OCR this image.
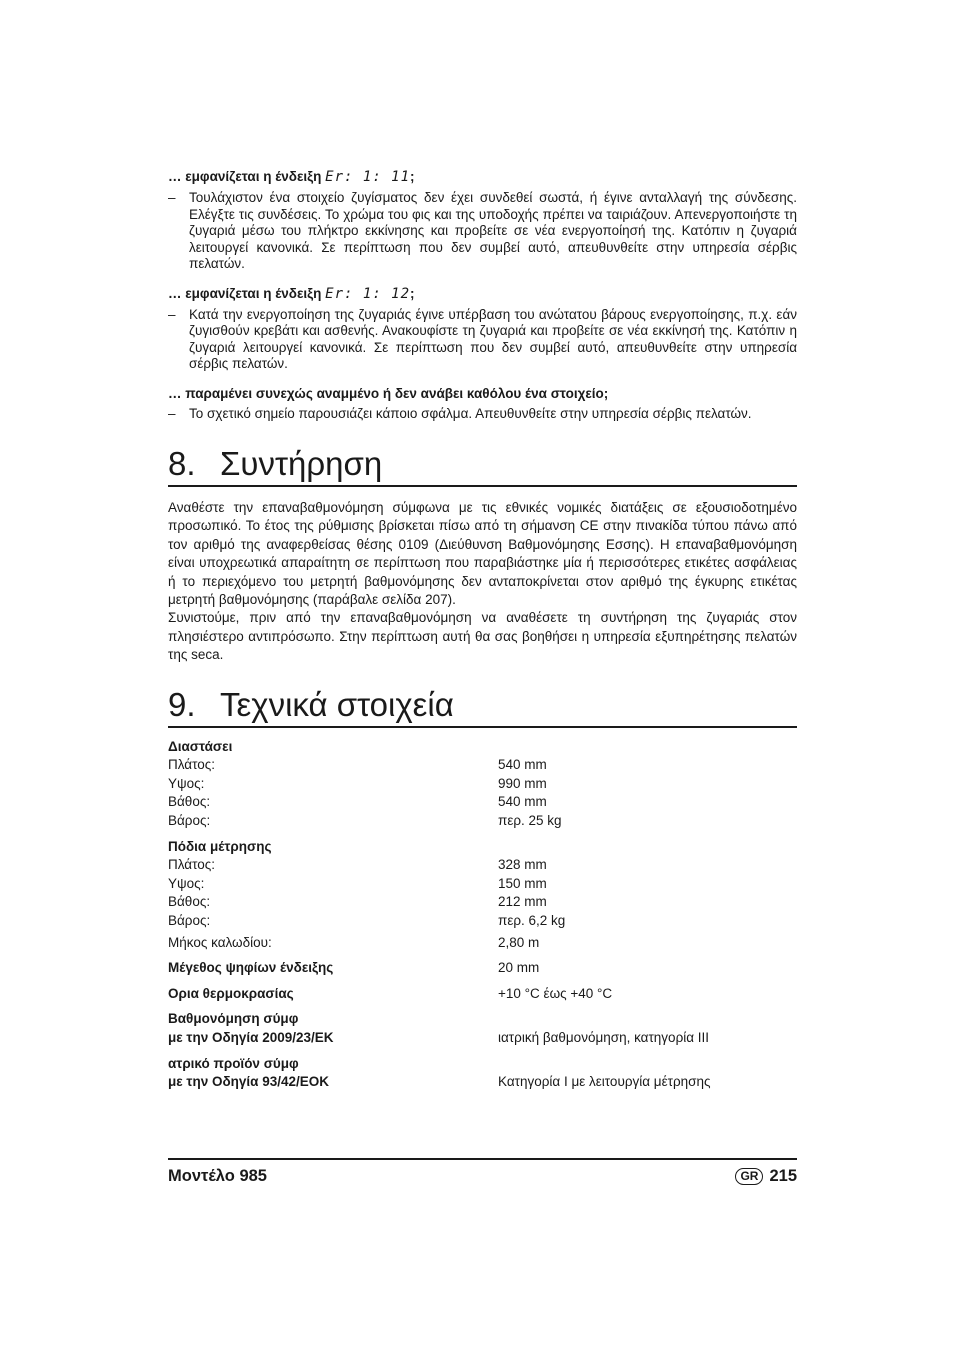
… εμφανίζεται η ένδειξη Er: 1: 11;

– Τουλάχιστον ένα στοιχείο ζυγίσματος δεν έχει συνδεθεί σωστά, ή έγινε ανταλλαγή της σύνδεσης. Ελέγξτε τις συνδέσεις. Το χρώμα του φις και της υποδοχής πρέπει να ταιριάζουν. Απενεργοποιήστε τη ζυγαριά μέσω του πλήκτρο εκκίνησης και προβείτε σε νέα ενεργοποίησή της. Κατόπιν η ζυγαριά λειτουργεί κανονικά. Σε περίπτωση που δεν συμβεί αυτό, απευθυνθείτε στην υπηρεσία σέρβις πελατών.

… εμφανίζεται η ένδειξη Er: 1: 12;

– Κατά την ενεργοποίηση της ζυγαριάς έγινε υπέρβαση του ανώτατου βάρους ενεργοποίησης, π.χ. εάν ζυγισθούν κρεβάτι και ασθενής. Ανακουφίστε τη ζυγαριά και προβείτε σε νέα εκκίνησή της. Κατόπιν η ζυγαριά λειτουργεί κανονικά. Σε περίπτωση που δεν συμβεί αυτό, απευθυνθείτε στην υπηρεσία σέρβις πελατών.

… παραμένει συνεχώς αναμμένο ή δεν ανάβει καθόλου ένα στοιχείο;

– Το σχετικό σημείο παρουσιάζει κάποιο σφάλμα. Απευθυνθείτε στην υπηρεσία σέρβις πελατών.
8. Συντήρηση

Αναθέστε την επαναβαθμονόμηση σύμφωνα με τις εθνικές νομικές διατάξεις σε εξουσιοδοτημένο προσωπικό. Το έτος της ρύθμισης βρίσκεται πίσω από τη σήμανση CE στην πινακίδα τύπου πάνω από τον αριθμό της αναφερθείσας θέσης 0109 (Διεύθυνση Βαθμονόμησης Εσσης). Η επαναβαθμονόμηση είναι υποχρεωτικά απαραίτητη σε περίπτωση που παραβιάστηκε μία ή περισσότερες ετικέτες ασφάλειας ή το περιεχόμενο του μετρητή βαθμονόμησης δεν ανταποκρίνεται στον αριθμό της έγκυρης ετικέτας μετρητή βαθμονόμησης (παράβαλε σελίδα 207).

Συνιστούμε, πριν από την επαναβαθμονόμηση να αναθέσετε τη συντήρηση της ζυγαριάς στον πλησιέστερο αντιπρόσωπο. Στην περίπτωση αυτή θα σας βοηθήσει η υπηρεσία εξυπηρέτησης πελατών της seca.

9. Τεχνικά στοιχεία
Διαστάσει
Πλάτος:	540 mm
Υψος:	990 mm
Βάθος:	540 mm
Βάρος:	περ. 25 kg
Πόδια μέτρησης
Πλάτος:	328 mm
Υψος:	150 mm
Βάθος:	212 mm
Βάρος:	περ. 6,2 kg
Μήκος καλωδίου:	2,80 m
Μέγεθος ψηφίων ένδειξης	20 mm
Ορια θερμοκρασίας	+10 °C έως +40 °C
Βαθμονόμηση σύμφ
με την Οδηγία 2009/23/ΕΚ	ιατρική βαθμονόμηση, κατηγορία III
ατρικό προϊόν σύμφ
με την Οδηγία 93/42/ΕΟΚ	Κατηγορία I με λειτουργία μέτρησης
Μοντέλο 985	GR 215
